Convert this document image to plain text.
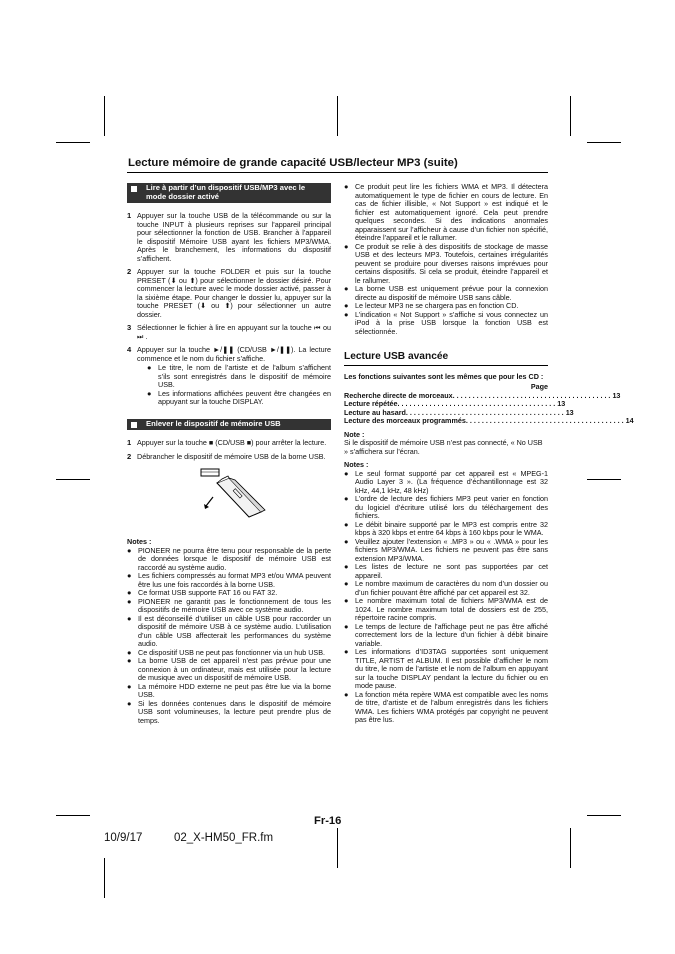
Lecture mémoire de grande capacité USB/lecteur MP3 (suite)
Lire à partir d’un dispositif USB/MP3 avec le mode dossier activé
1 Appuyer sur la touche USB de la télécommande ou sur la touche INPUT à plusieurs reprises sur l’appareil principal pour sélectionner la fonction de USB. Brancher à l’appareil le dispositif Mémoire USB ayant les fichiers MP3/WMA. Après le branchement, les informations du dispositif s’affichent.
2 Appuyer sur la touche FOLDER et puis sur la touche PRESET (⬇ ou ⬆) pour sélectionner le dossier désiré. Pour commencer la lecture avec le mode dossier activé, passer à la sixième étape. Pour changer le dossier lu, appuyer sur la touche PRESET (⬇ ou ⬆) pour sélectionner un autre dossier.
3 Sélectionner le fichier à lire en appuyant sur la touche ⏮ ou ⏭ .
4 Appuyer sur la touche ►/❚❚ (CD/USB ►/❚❚). La lecture commence et le nom du fichier s’affiche.
● Le titre, le nom de l’artiste et de l’album s’affichent s’ils sont enregistrés dans le dispositif de mémoire USB.
● Les informations affichées peuvent être changées en appuyant sur la touche DISPLAY.
Enlever le dispositif de mémoire USB
1 Appuyer sur la touche ■ (CD/USB ■) pour arrêter la lecture.
2 Débrancher le dispositif de mémoire USB de la borne USB.
Notes :
● PIONEER ne pourra être tenu pour responsable de la perte de données lorsque le dispositif de mémoire USB est raccordé au système audio.
● Les fichiers compressés au format MP3 et/ou WMA peuvent être lus une fois raccordés à la borne USB.
● Ce format USB supporte FAT 16 ou FAT 32.
● PIONEER ne garantit pas le fonctionnement de tous les dispositifs de mémoire USB avec ce système audio.
● Il est déconseillé d’utiliser un câble USB pour raccorder un dispositif de mémoire USB à ce système audio. L’utilisation d’un câble USB affecterait les performances du système audio.
● Ce dispositif USB ne peut pas fonctionner via un hub USB.
● La borne USB de cet appareil n’est pas prévue pour une connexion à un ordinateur, mais est utilisée pour la lecture de musique avec un dispositif de mémoire USB.
● La mémoire HDD externe ne peut pas être lue via la borne USB.
● Si les données contenues dans le dispositif de mémoire USB sont volumineuses, la lecture peut prendre plus de temps.
● Ce produit peut lire les fichiers WMA et MP3. Il détectera automatiquement le type de fichier en cours de lecture. En cas de fichier illisible, « Not Support » est indiqué et le fichier est automatiquement ignoré. Cela peut prendre quelques secondes. Si des indications anormales apparaissent sur l’afficheur à cause d’un fichier non spécifié, éteindre l’appareil et le rallumer.
● Ce produit se relie à des dispositifs de stockage de masse USB et des lecteurs MP3. Toutefois, certaines irrégularités peuvent se produire pour diverses raisons imprévues pour certains dispositifs. Si cela se produit, éteindre l’appareil et le rallumer.
● La borne USB est uniquement prévue pour la connexion directe au dispositif de mémoire USB sans câble.
● Le lecteur MP3 ne se chargera pas en fonction CD.
● L’indication « Not Support » s’affiche si vous connectez un iPod à la prise USB lorsque la fonction USB est sélectionnée.
Lecture USB avancée
Les fonctions suivantes sont les mêmes que pour les CD :
Page
Recherche directe de morceaux . . . . . . . . . . . . . . . . . . . . . . . . . . . . . . . . . . . . . . . . 13
Lecture répétée . . . . . . . . . . . . . . . . . . . . . . . . . . . . . . . . . . . . . . . . 13
Lecture au hasard . . . . . . . . . . . . . . . . . . . . . . . . . . . . . . . . . . . . . . . . 13
Lecture des morceaux programmés . . . . . . . . . . . . . . . . . . . . . . . . . . . . . . . . . . . . . . . . 14
Note :
Si le dispositif de mémoire USB n’est pas connecté, « No USB » s’affichera sur l’écran.
Notes :
● Le seul format supporté par cet appareil est « MPEG-1 Audio Layer 3 ». (La fréquence d’échantillonnage est 32 kHz, 44,1 kHz, 48 kHz)
● L’ordre de lecture des fichiers MP3 peut varier en fonction du logiciel d’écriture utilisé lors du téléchargement des fichiers.
● Le débit binaire supporté par le MP3 est compris entre 32 kbps à 320 kbps et entre 64 kbps à 160 kbps pour le WMA.
● Veuillez ajouter l’extension « .MP3 » ou « .WMA » pour les fichiers MP3/WMA. Les fichiers ne peuvent pas être sans extension MP3/WMA.
● Les listes de lecture ne sont pas supportées par cet appareil.
● Le nombre maximum de caractères du nom d’un dossier ou d’un fichier pouvant être affiché par cet appareil est 32.
● Le nombre maximum total de fichiers MP3/WMA est de 1024. Le nombre maximum total de dossiers est de 255, répertoire racine compris.
● Le temps de lecture de l’affichage peut ne pas être affiché correctement lors de la lecture d’un fichier à débit binaire variable.
● Les informations d’ID3TAG supportées sont uniquement TITLE, ARTIST et ALBUM. Il est possible d’afficher le nom du titre, le nom de l’artiste et le nom de l’album en appuyant sur la touche DISPLAY pendant la lecture du fichier ou en mode pause.
● La fonction méta repère WMA est compatible avec les noms de titre, d’artiste et de l’album enregistrés dans les fichiers WMA. Les fichiers WMA protégés par copyright ne peuvent pas être lus.
Fr-16
10/9/17	02_X-HM50_FR.fm
